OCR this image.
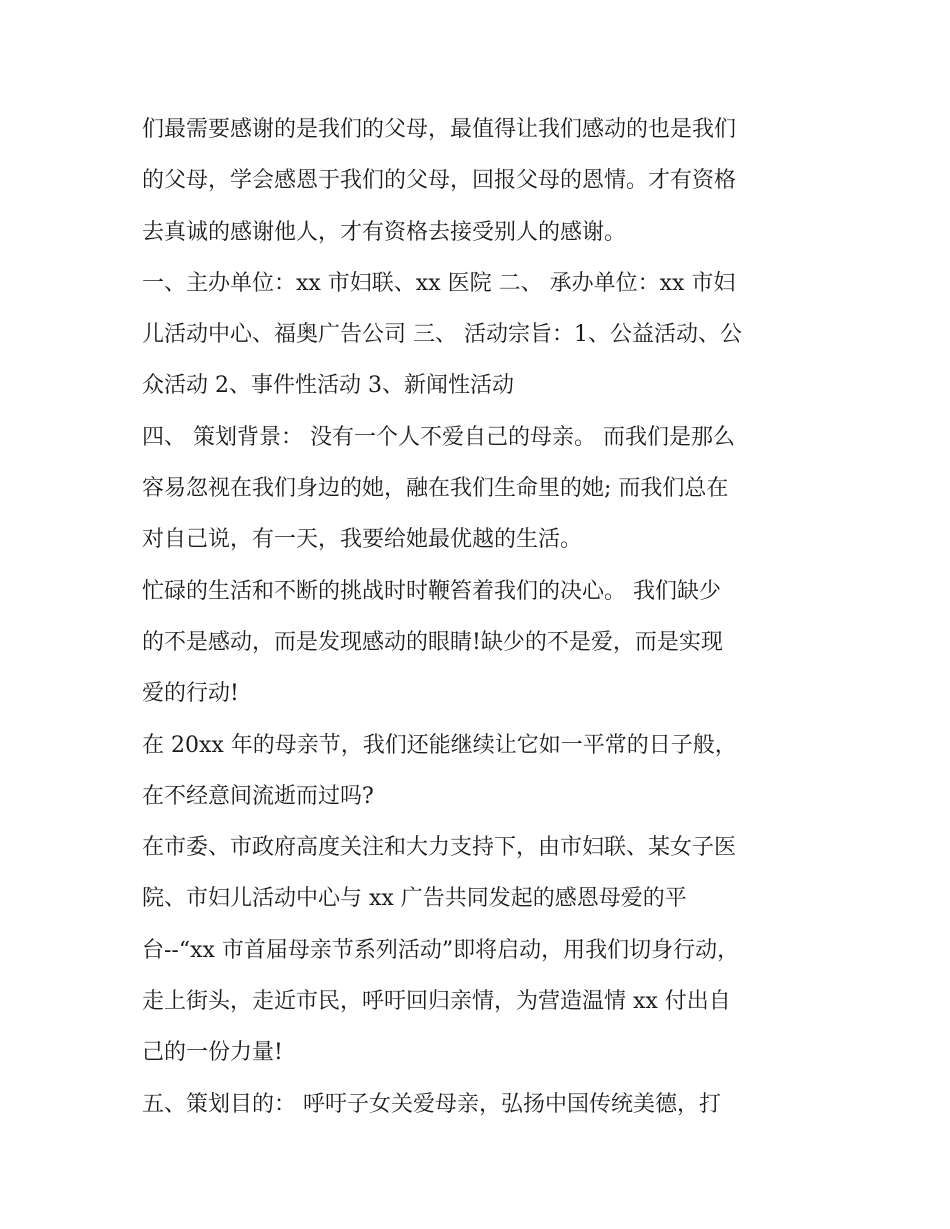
们最需要感谢的是我们的父母，最值得让我们感动的也是我们
的父母，学会感恩于我们的父母，回报父母的恩情。才有资格
去真诚的感谢他人，才有资格去接受别人的感谢。
一、主办单位：xx 市妇联、xx 医院 二、 承办单位：xx 市妇
儿活动中心、福奥广告公司 三、 活动宗旨：1、公益活动、公
众活动 2、事件性活动 3、新闻性活动
四、 策划背景： 没有一个人不爱自己的母亲。 而我们是那么
容易忽视在我们身边的她，融在我们生命里的她; 而我们总在
对自己说，有一天，我要给她最优越的生活。
忙碌的生活和不断的挑战时时鞭笞着我们的决心。 我们缺少
的不是感动，而是发现感动的眼睛!缺少的不是爱，而是实现
爱的行动!
在 20xx 年的母亲节，我们还能继续让它如一平常的日子般，
在不经意间流逝而过吗?
在市委、市政府高度关注和大力支持下，由市妇联、某女子医
院、市妇儿活动中心与 xx 广告共同发起的感恩母爱的平
台--“xx 市首届母亲节系列活动”即将启动，用我们切身行动，
走上街头，走近市民，呼吁回归亲情，为营造温情 xx 付出自
己的一份力量!
五、策划目的： 呼吁子女关爱母亲，弘扬中国传统美德，打
